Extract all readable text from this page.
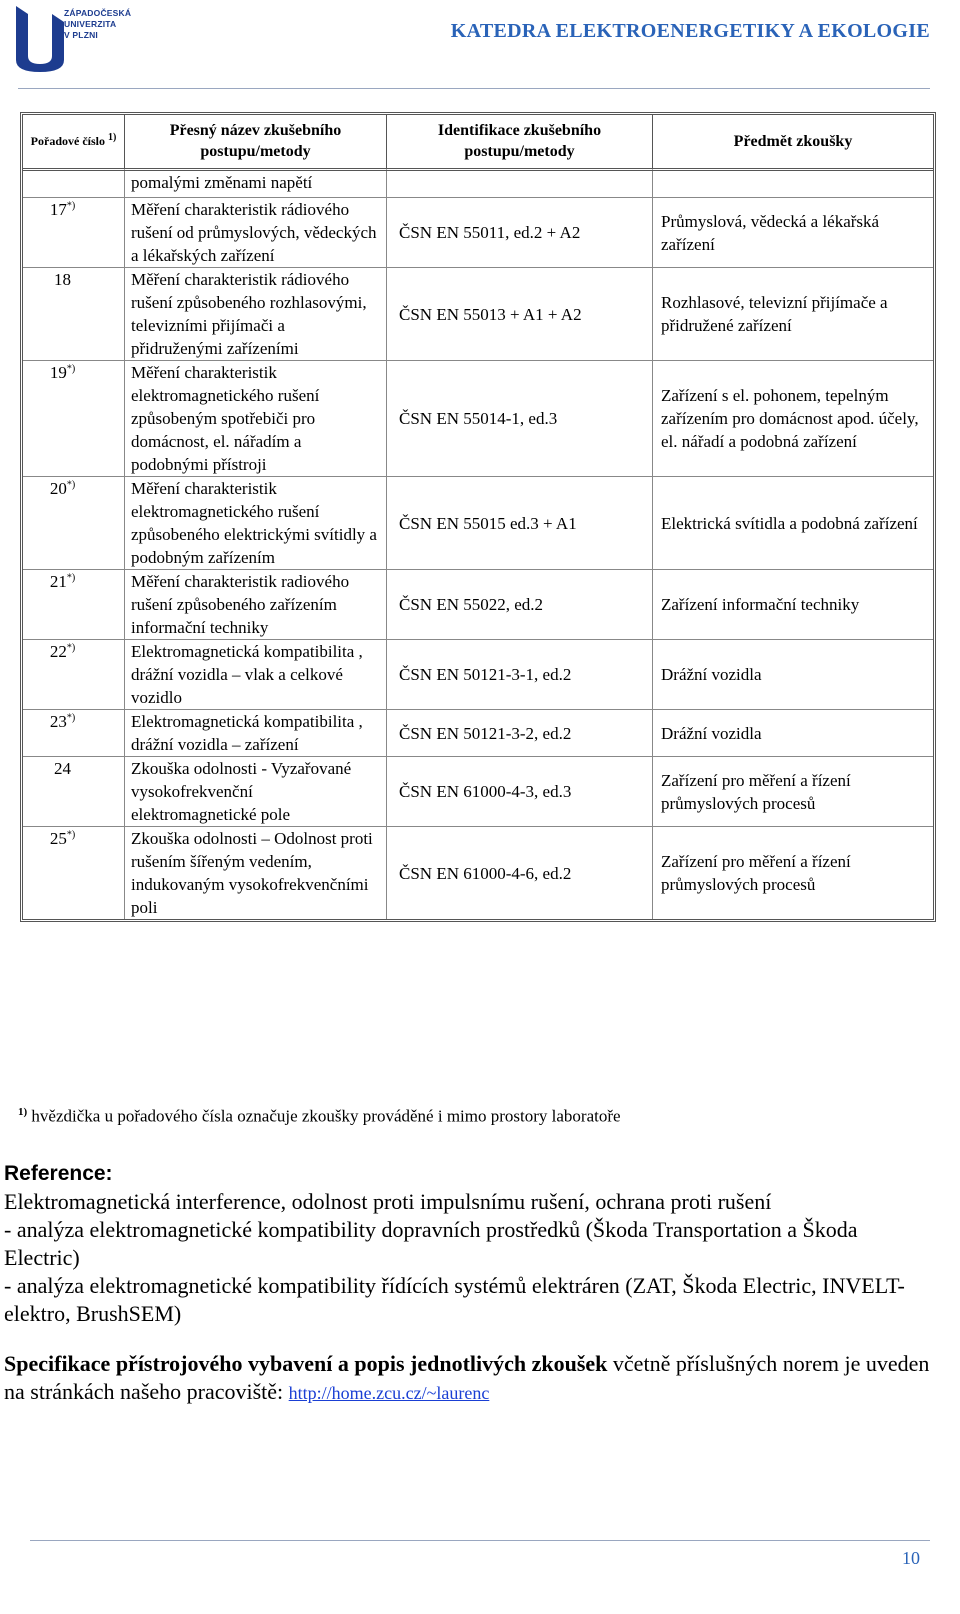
ZÁPADOČESKÁ
UNIVERZITA
V PLZNI	KATEDRA ELEKTROENERGETIKY A EKOLOGIE
Pořadové číslo $^{1)}$	Přesný název zkušebního postupu/metody	Identifikace zkušebního postupu/metody	Předmět zkoušky
	pomalými změnami napětí		
17*)	Měření charakteristik rádiového rušení od průmyslových, vědeckých a lékařských zařízení	ČSN EN 55011, ed.2 + A2	Průmyslová, vědecká a lékařská zařízení
18	Měření charakteristik rádiového rušení způsobeného rozhlasovými, televizními přijímači a přidruženými zařízeními	ČSN EN 55013 + A1 + A2	Rozhlasové, televizní přijímače a přidružené zařízení
19*)	Měření charakteristik elektromagnetického rušení způsobeným spotřebiči pro domácnost, el. nářadím a podobnými přístroji	ČSN EN 55014-1, ed.3	Zařízení s el. pohonem, tepelným zařízením pro domácnost apod. účely, el. nářadí a podobná zařízení
20*)	Měření charakteristik elektromagnetického rušení způsobeného elektrickými svítidly a podobným zařízením	ČSN EN 55015 ed.3 + A1	Elektrická svítidla a podobná zařízení
21*)	Měření charakteristik radiového rušení způsobeného zařízením informační techniky	ČSN EN 55022, ed.2	Zařízení informační techniky
22*)	Elektromagnetická kompatibilita , drážní vozidla – vlak a celkové vozidlo	ČSN EN 50121-3-1, ed.2	Drážní vozidla
23*)	Elektromagnetická kompatibilita , drážní vozidla – zařízení	ČSN EN 50121-3-2, ed.2	Drážní vozidla
24	Zkouška odolnosti - Vyzařované vysokofrekvenční elektromagnetické pole	ČSN EN 61000-4-3, ed.3	Zařízení pro měření a řízení průmyslových procesů
25*)	Zkouška odolnosti – Odolnost proti rušením šířeným vedením, indukovaným vysokofrekvenčními poli	ČSN EN 61000-4-6, ed.2	Zařízení pro měření a řízení průmyslových procesů
$^{1)}$ hvězdička u pořadového čísla označuje zkoušky prováděné i mimo prostory laboratoře
Reference:
Elektromagnetická interference, odolnost proti impulsnímu rušení, ochrana proti rušení
- analýza elektromagnetické kompatibility dopravních prostředků (Škoda Transportation a Škoda Electric)
- analýza elektromagnetické kompatibility řídících systémů elektráren (ZAT, Škoda Electric, INVELT-elektro, BrushSEM)
Specifikace přístrojového vybavení a popis jednotlivých zkoušek včetně příslušných norem je uveden na stránkách našeho pracoviště: http://home.zcu.cz/~laurenc
10
